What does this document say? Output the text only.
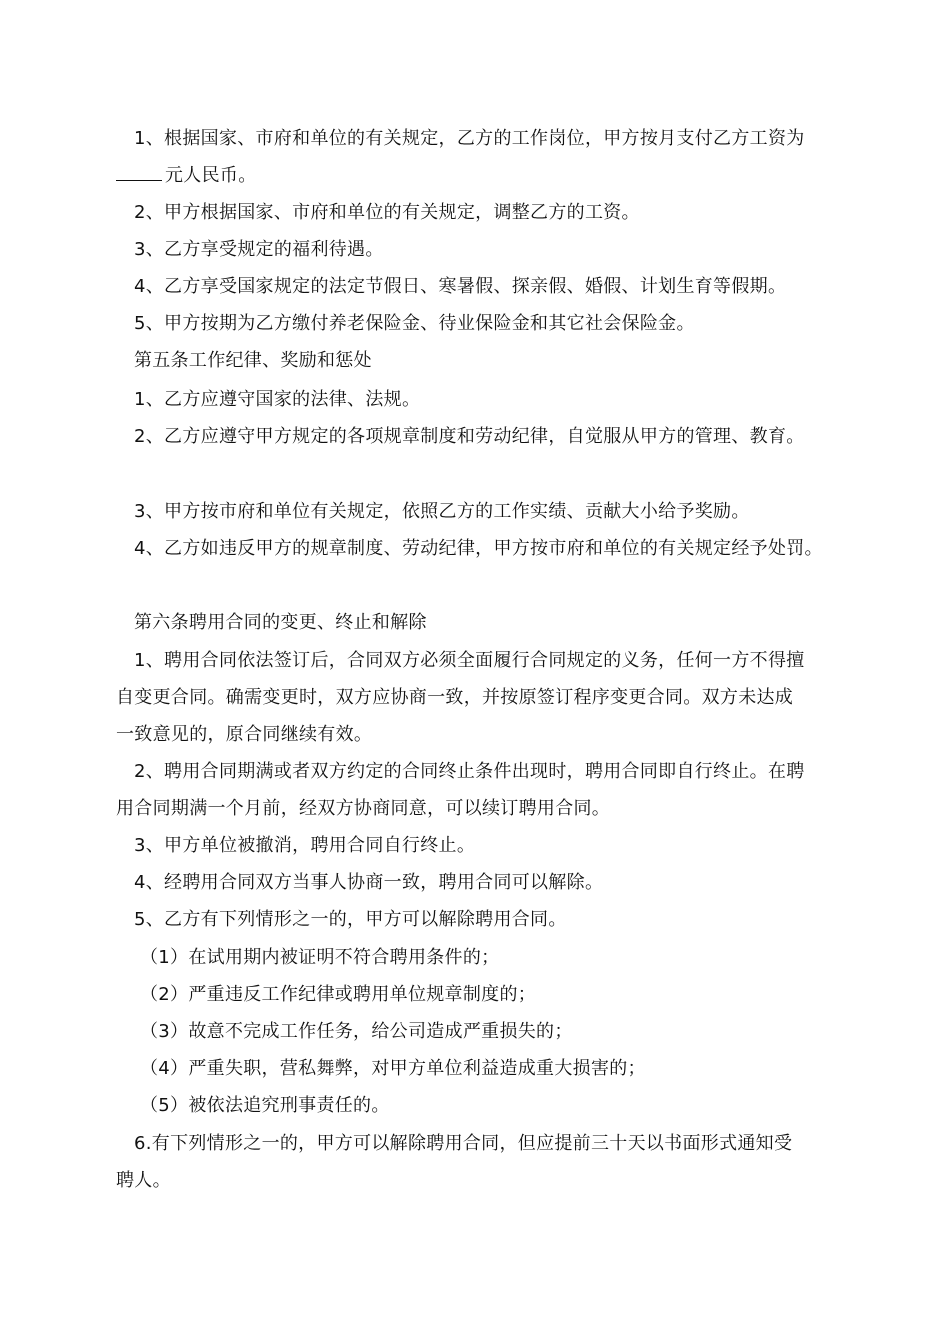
1、根据国家、市府和单位的有关规定，乙方的工作岗位，甲方按月支付乙方工资为
元人民币。
2、甲方根据国家、市府和单位的有关规定，调整乙方的工资。
3、乙方享受规定的福利待遇。
4、乙方享受国家规定的法定节假日、寒暑假、探亲假、婚假、计划生育等假期。
5、甲方按期为乙方缴付养老保险金、待业保险金和其它社会保险金。
第五条工作纪律、奖励和惩处
1、乙方应遵守国家的法律、法规。
2、乙方应遵守甲方规定的各项规章制度和劳动纪律，自觉服从甲方的管理、教育。
3、甲方按市府和单位有关规定，依照乙方的工作实绩、贡献大小给予奖励。
4、乙方如违反甲方的规章制度、劳动纪律，甲方按市府和单位的有关规定经予处罚。
第六条聘用合同的变更、终止和解除
1、聘用合同依法签订后，合同双方必须全面履行合同规定的义务，任何一方不得擅
自变更合同。确需变更时，双方应协商一致，并按原签订程序变更合同。双方未达成
一致意见的，原合同继续有效。
2、聘用合同期满或者双方约定的合同终止条件出现时，聘用合同即自行终止。在聘
用合同期满一个月前，经双方协商同意，可以续订聘用合同。
3、甲方单位被撤消，聘用合同自行终止。
4、经聘用合同双方当事人协商一致，聘用合同可以解除。
5、乙方有下列情形之一的，甲方可以解除聘用合同。
（1）在试用期内被证明不符合聘用条件的；
（2）严重违反工作纪律或聘用单位规章制度的；
（3）故意不完成工作任务，给公司造成严重损失的；
（4）严重失职，营私舞弊，对甲方单位利益造成重大损害的；
（5）被依法追究刑事责任的。
6.有下列情形之一的，甲方可以解除聘用合同，但应提前三十天以书面形式通知受
聘人。
